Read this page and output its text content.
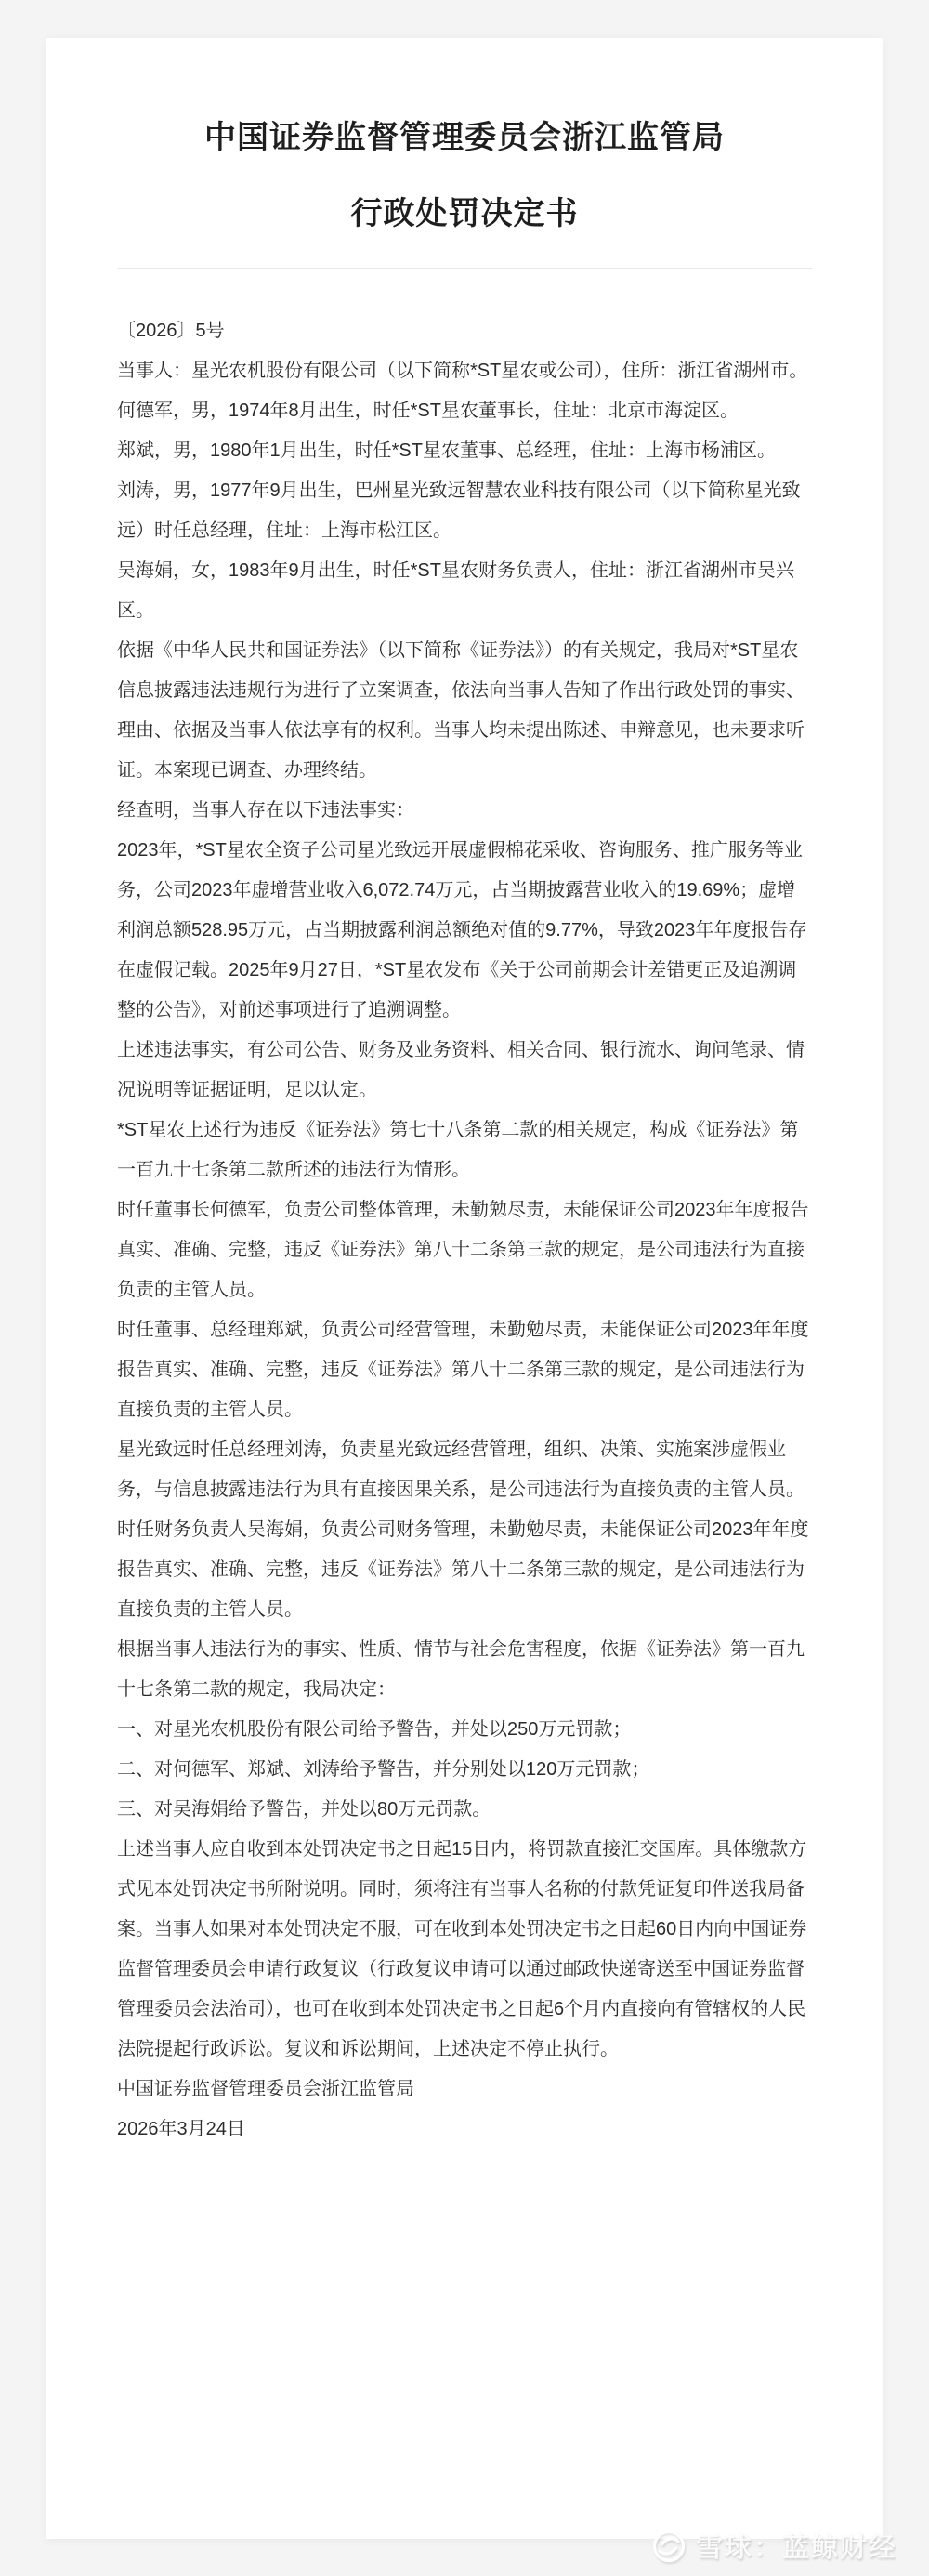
中国证券监督管理委员会浙江监管局
行政处罚决定书

〔2026〕5号

当事人：星光农机股份有限公司（以下简称*ST星农或公司），住所：浙江省湖州市。

何德军，男，1974年8月出生，时任*ST星农董事长，住址：北京市海淀区。

郑斌，男，1980年1月出生，时任*ST星农董事、总经理，住址：上海市杨浦区。

刘涛，男，1977年9月出生，巴州星光致远智慧农业科技有限公司（以下简称星光致远）时任总经理，住址：上海市松江区。

吴海娟，女，1983年9月出生，时任*ST星农财务负责人，住址：浙江省湖州市吴兴区。

依据《中华人民共和国证券法》（以下简称《证券法》）的有关规定，我局对*ST星农信息披露违法违规行为进行了立案调查，依法向当事人告知了作出行政处罚的事实、理由、依据及当事人依法享有的权利。当事人均未提出陈述、申辩意见，也未要求听证。本案现已调查、办理终结。

经查明，当事人存在以下违法事实：

2023年，*ST星农全资子公司星光致远开展虚假棉花采收、咨询服务、推广服务等业务，公司2023年虚增营业收入6,072.74万元，占当期披露营业收入的19.69%；虚增利润总额528.95万元，占当期披露利润总额绝对值的9.77%，导致2023年年度报告存在虚假记载。2025年9月27日，*ST星农发布《关于公司前期会计差错更正及追溯调整的公告》，对前述事项进行了追溯调整。

上述违法事实，有公司公告、财务及业务资料、相关合同、银行流水、询问笔录、情况说明等证据证明，足以认定。

*ST星农上述行为违反《证券法》第七十八条第二款的相关规定，构成《证券法》第一百九十七条第二款所述的违法行为情形。

时任董事长何德军，负责公司整体管理，未勤勉尽责，未能保证公司2023年年度报告真实、准确、完整，违反《证券法》第八十二条第三款的规定，是公司违法行为直接负责的主管人员。

时任董事、总经理郑斌，负责公司经营管理，未勤勉尽责，未能保证公司2023年年度报告真实、准确、完整，违反《证券法》第八十二条第三款的规定，是公司违法行为直接负责的主管人员。

星光致远时任总经理刘涛，负责星光致远经营管理，组织、决策、实施案涉虚假业务，与信息披露违法行为具有直接因果关系，是公司违法行为直接负责的主管人员。

时任财务负责人吴海娟，负责公司财务管理，未勤勉尽责，未能保证公司2023年年度报告真实、准确、完整，违反《证券法》第八十二条第三款的规定，是公司违法行为直接负责的主管人员。

根据当事人违法行为的事实、性质、情节与社会危害程度，依据《证券法》第一百九十七条第二款的规定，我局决定：

一、对星光农机股份有限公司给予警告，并处以250万元罚款；

二、对何德军、郑斌、刘涛给予警告，并分别处以120万元罚款；

三、对吴海娟给予警告，并处以80万元罚款。

上述当事人应自收到本处罚决定书之日起15日内，将罚款直接汇交国库。具体缴款方式见本处罚决定书所附说明。同时，须将注有当事人名称的付款凭证复印件送我局备案。当事人如果对本处罚决定不服，可在收到本处罚决定书之日起60日内向中国证券监督管理委员会申请行政复议（行政复议申请可以通过邮政快递寄送至中国证券监督管理委员会法治司），也可在收到本处罚决定书之日起6个月内直接向有管辖权的人民法院提起行政诉讼。复议和诉讼期间，上述决定不停止执行。

中国证券监督管理委员会浙江监管局

2026年3月24日

雪球：蓝鲸财经
